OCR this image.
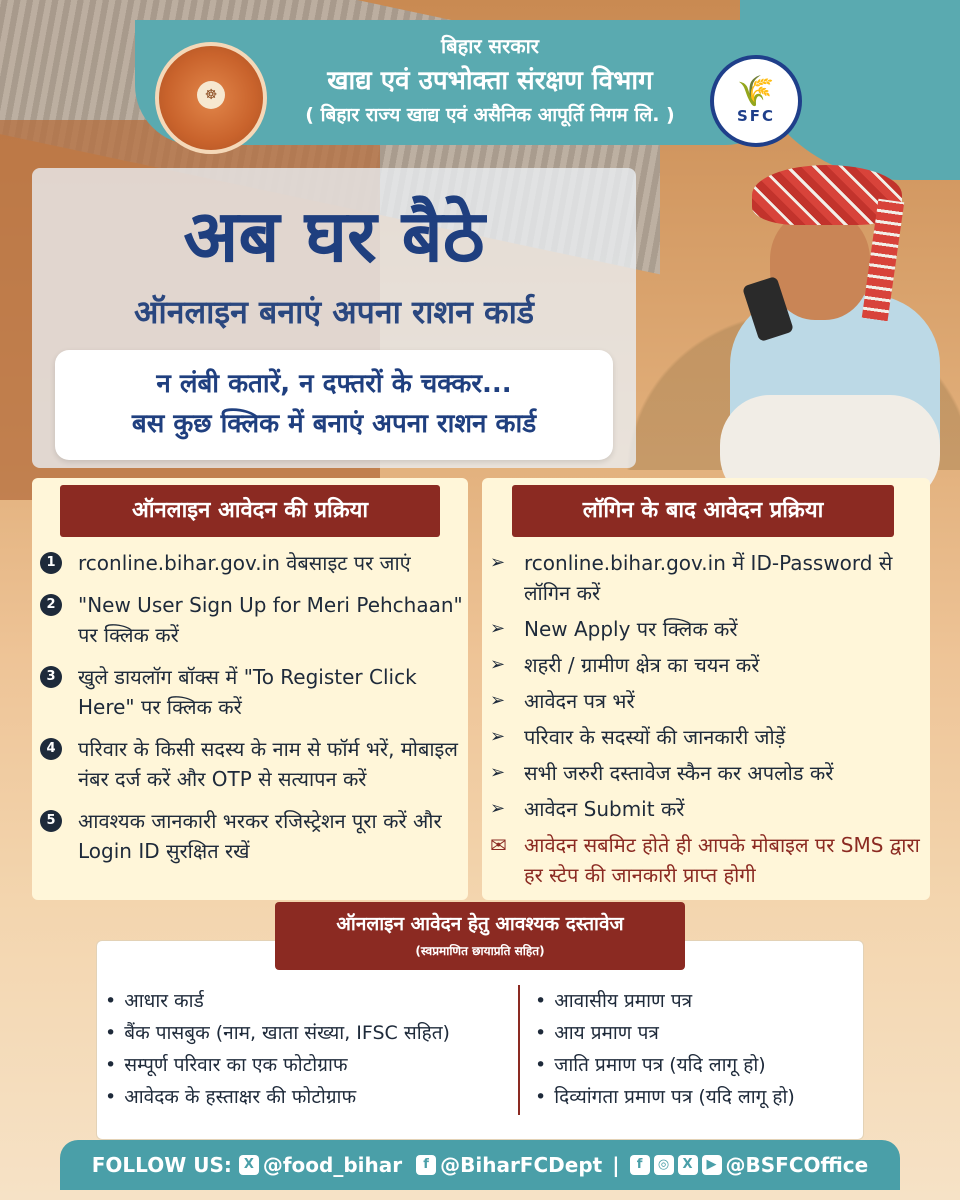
☸	🌾
SFC
बिहार सरकार
खाद्य एवं उपभोक्ता संरक्षण विभाग
( बिहार राज्य खाद्य एवं असैनिक आपूर्ति निगम लि. )
अब घर बैठे
ऑनलाइन बनाएं अपना राशन कार्ड
न लंबी कतारें, न दफ्तरों के चक्कर...
बस कुछ क्लिक में बनाएं अपना राशन कार्ड
ऑनलाइन आवेदन की प्रक्रिया
1	rconline.bihar.gov.in वेबसाइट पर जाएं
2	"New User Sign Up for Meri Pehchaan" पर क्लिक करें
3	खुले डायलॉग बॉक्स में "To Register Click Here" पर क्लिक करें
4	परिवार के किसी सदस्य के नाम से फॉर्म भरें, मोबाइल नंबर दर्ज करें और OTP से सत्यापन करें
5	आवश्यक जानकारी भरकर रजिस्ट्रेशन पूरा करें और Login ID सुरक्षित रखें
लॉगिन के बाद आवेदन प्रक्रिया
➢ rconline.bihar.gov.in में ID-Password से लॉगिन करें
➢ New Apply पर क्लिक करें
➢ शहरी / ग्रामीण क्षेत्र का चयन करें
➢ आवेदन पत्र भरें
➢ परिवार के सदस्यों की जानकारी जोड़ें
➢ सभी जरुरी दस्तावेज स्कैन कर अपलोड करें
➢ आवेदन Submit करें
✉ आवेदन सबमिट होते ही आपके मोबाइल पर SMS द्वारा हर स्टेप की जानकारी प्राप्त होगी
ऑनलाइन आवेदन हेतु आवश्यक दस्तावेज
(स्वप्रमाणित छायाप्रति सहित)
• आधार कार्ड
• बैंक पासबुक (नाम, खाता संख्या, IFSC सहित)
• सम्पूर्ण परिवार का एक फोटोग्राफ
• आवेदक के हस्ताक्षर की फोटोग्राफ
• आवासीय प्रमाण पत्र
• आय प्रमाण पत्र
• जाति प्रमाण पत्र (यदि लागू हो)
• दिव्यांगता प्रमाण पत्र (यदि लागू हो)
FOLLOW US:
X @food_bihar	f @BiharFCDept |	f	◎	X	▶ @BSFCOffice
